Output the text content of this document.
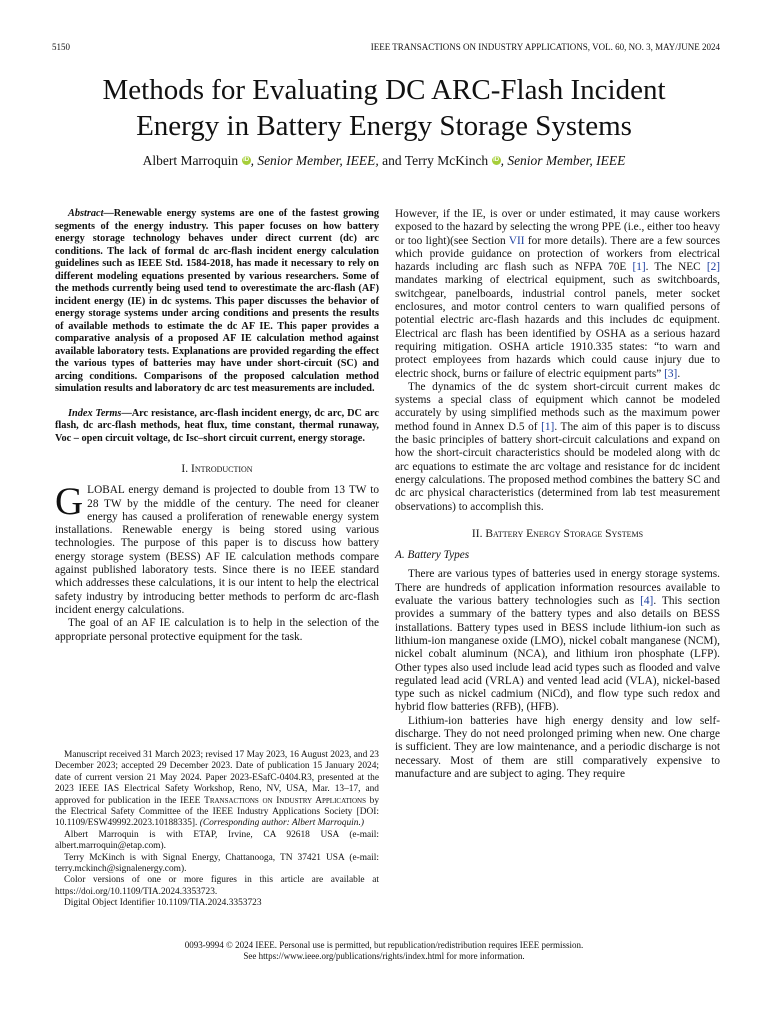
5150	IEEE TRANSACTIONS ON INDUSTRY APPLICATIONS, VOL. 60, NO. 3, MAY/JUNE 2024
Methods for Evaluating DC ARC-Flash Incident
Energy in Battery Energy Storage Systems
Albert Marroquin iD , Senior Member, IEEE, and Terry McKinch iD , Senior Member, IEEE

Abstract—Renewable energy systems are one of the fastest growing segments of the energy industry. This paper focuses on how battery energy storage technology behaves under direct current (dc) arc conditions. The lack of formal dc arc-flash incident energy calculation guidelines such as IEEE Std. 1584-2018, has made it necessary to rely on different modeling equations presented by various researchers. Some of the methods currently being used tend to overestimate the arc-flash (AF) incident energy (IE) in dc systems. This paper discusses the behavior of energy storage systems under arcing conditions and presents the results of available methods to estimate the dc AF IE. This paper provides a comparative analysis of a proposed AF IE calculation method against available laboratory tests. Explanations are provided regarding the effect the various types of batteries may have under short-circuit (SC) and arcing conditions. Comparisons of the proposed calculation method simulation results and laboratory dc arc test measurements are included.

Index Terms—Arc resistance, arc-flash incident energy, dc arc, DC arc flash, dc arc-flash methods, heat flux, time constant, thermal runaway, Voc – open circuit voltage, dc Isc–short circuit current, energy storage.

I. Introduction

GLOBAL energy demand is projected to double from 13 TW to 28 TW by the middle of the century. The need for cleaner energy has caused a proliferation of renewable energy system installations. Renewable energy is being stored using various technologies. The purpose of this paper is to discuss how battery energy storage system (BESS) AF IE calculation methods compare against published laboratory tests. Since there is no IEEE standard which addresses these calculations, it is our intent to help the electrical safety industry by introducing better methods to perform dc arc-flash incident energy calculations.

The goal of an AF IE calculation is to help in the selection of the appropriate personal protective equipment for the task.

Manuscript received 31 March 2023; revised 17 May 2023, 16 August 2023, and 23 December 2023; accepted 29 December 2023. Date of publication 15 January 2024; date of current version 21 May 2024. Paper 2023-ESafC-0404.R3, presented at the 2023 IEEE IAS Electrical Safety Workshop, Reno, NV, USA, Mar. 13–17, and approved for publication in the IEEE Transactions on Industry Applications by the Electrical Safety Committee of the IEEE Industry Applications Society [DOI: 10.1109/ESW49992.2023.10188335]. (Corresponding author: Albert Marroquin.)

Albert Marroquin is with ETAP, Irvine, CA 92618 USA (e-mail: albert.marroquin@etap.com).

Terry McKinch is with Signal Energy, Chattanooga, TN 37421 USA (e-mail: terry.mckinch@signalenergy.com).

Color versions of one or more figures in this article are available at https://doi.org/10.1109/TIA.2024.3353723.

Digital Object Identifier 10.1109/TIA.2024.3353723

However, if the IE, is over or under estimated, it may cause workers exposed to the hazard by selecting the wrong PPE (i.e., either too heavy or too light)(see Section VII for more details). There are a few sources which provide guidance on protection of workers from electrical hazards including arc flash such as NFPA 70E [1]. The NEC [2] mandates marking of electrical equipment, such as switchboards, switchgear, panelboards, industrial control panels, meter socket enclosures, and motor control centers to warn qualified persons of potential electric arc-flash hazards and this includes dc equipment. Electrical arc flash has been identified by OSHA as a serious hazard requiring mitigation. OSHA article 1910.335 states: “to warn and protect employees from hazards which could cause injury due to electric shock, burns or failure of electric equipment parts” [3].

The dynamics of the dc system short-circuit current makes dc systems a special class of equipment which cannot be modeled accurately by using simplified methods such as the maximum power method found in Annex D.5 of [1]. The aim of this paper is to discuss the basic principles of battery short-circuit calculations and expand on how the short-circuit characteristics should be modeled along with dc arc equations to estimate the arc voltage and resistance for dc incident energy calculations. The proposed method combines the battery SC and dc arc physical characteristics (determined from lab test measurement observations) to accomplish this.

II. Battery Energy Storage Systems
A. Battery Types

There are various types of batteries used in energy storage systems. There are hundreds of application information resources available to evaluate the various battery technologies such as [4]. This section provides a summary of the battery types and also details on BESS installations. Battery types used in BESS include lithium-ion such as lithium-ion manganese oxide (LMO), nickel cobalt manganese (NCM), nickel cobalt aluminum (NCA), and lithium iron phosphate (LFP). Other types also used include lead acid types such as flooded and valve regulated lead acid (VRLA) and vented lead acid (VLA), nickel-based type such as nickel cadmium (NiCd), and flow type such redox and hybrid flow batteries (RFB), (HFB).

Lithium-ion batteries have high energy density and low self-discharge. They do not need prolonged priming when new. One charge is sufficient. They are low maintenance, and a periodic discharge is not necessary. Most of them are still comparatively expensive to manufacture and are subject to aging. They require

0093-9994 © 2024 IEEE. Personal use is permitted, but republication/redistribution requires IEEE permission.
See https://www.ieee.org/publications/rights/index.html for more information.
